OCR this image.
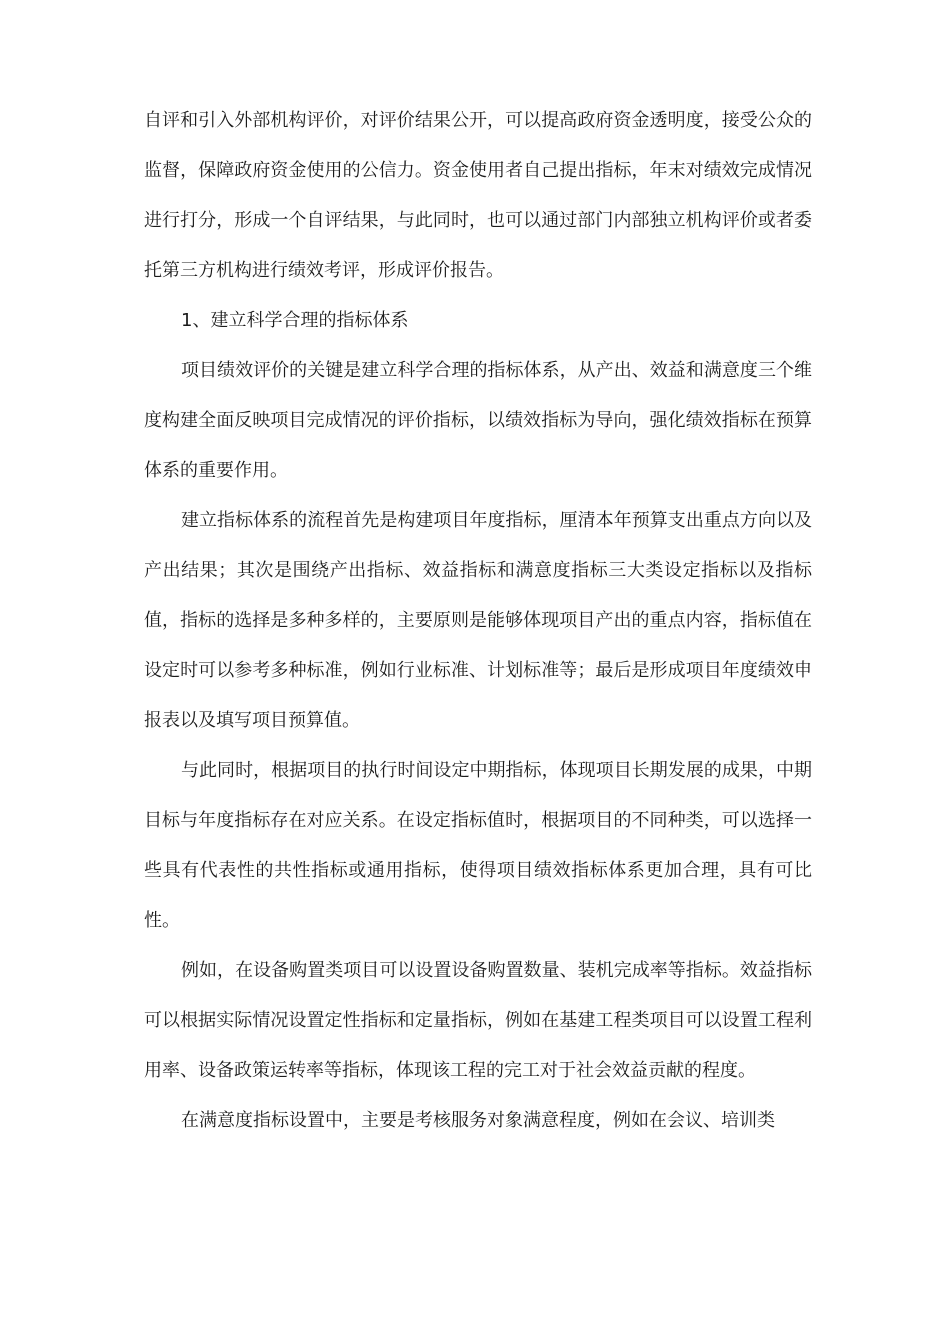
自评和引入外部机构评价，对评价结果公开，可以提高政府资金透明度，接受公众的监督，保障政府资金使用的公信力。资金使用者自己提出指标，年末对绩效完成情况进行打分，形成一个自评结果，与此同时，也可以通过部门内部独立机构评价或者委托第三方机构进行绩效考评，形成评价报告。

1、建立科学合理的指标体系

项目绩效评价的关键是建立科学合理的指标体系，从产出、效益和满意度三个维度构建全面反映项目完成情况的评价指标，以绩效指标为导向，强化绩效指标在预算体系的重要作用。

建立指标体系的流程首先是构建项目年度指标，厘清本年预算支出重点方向以及产出结果；其次是围绕产出指标、效益指标和满意度指标三大类设定指标以及指标值，指标的选择是多种多样的，主要原则是能够体现项目产出的重点内容，指标值在设定时可以参考多种标准，例如行业标准、计划标准等；最后是形成项目年度绩效申报表以及填写项目预算值。

与此同时，根据项目的执行时间设定中期指标，体现项目长期发展的成果，中期目标与年度指标存在对应关系。在设定指标值时，根据项目的不同种类，可以选择一些具有代表性的共性指标或通用指标，使得项目绩效指标体系更加合理，具有可比性。

例如，在设备购置类项目可以设置设备购置数量、装机完成率等指标。效益指标可以根据实际情况设置定性指标和定量指标，例如在基建工程类项目可以设置工程利用率、设备政策运转率等指标，体现该工程的完工对于社会效益贡献的程度。

在满意度指标设置中，主要是考核服务对象满意程度，例如在会议、培训类
